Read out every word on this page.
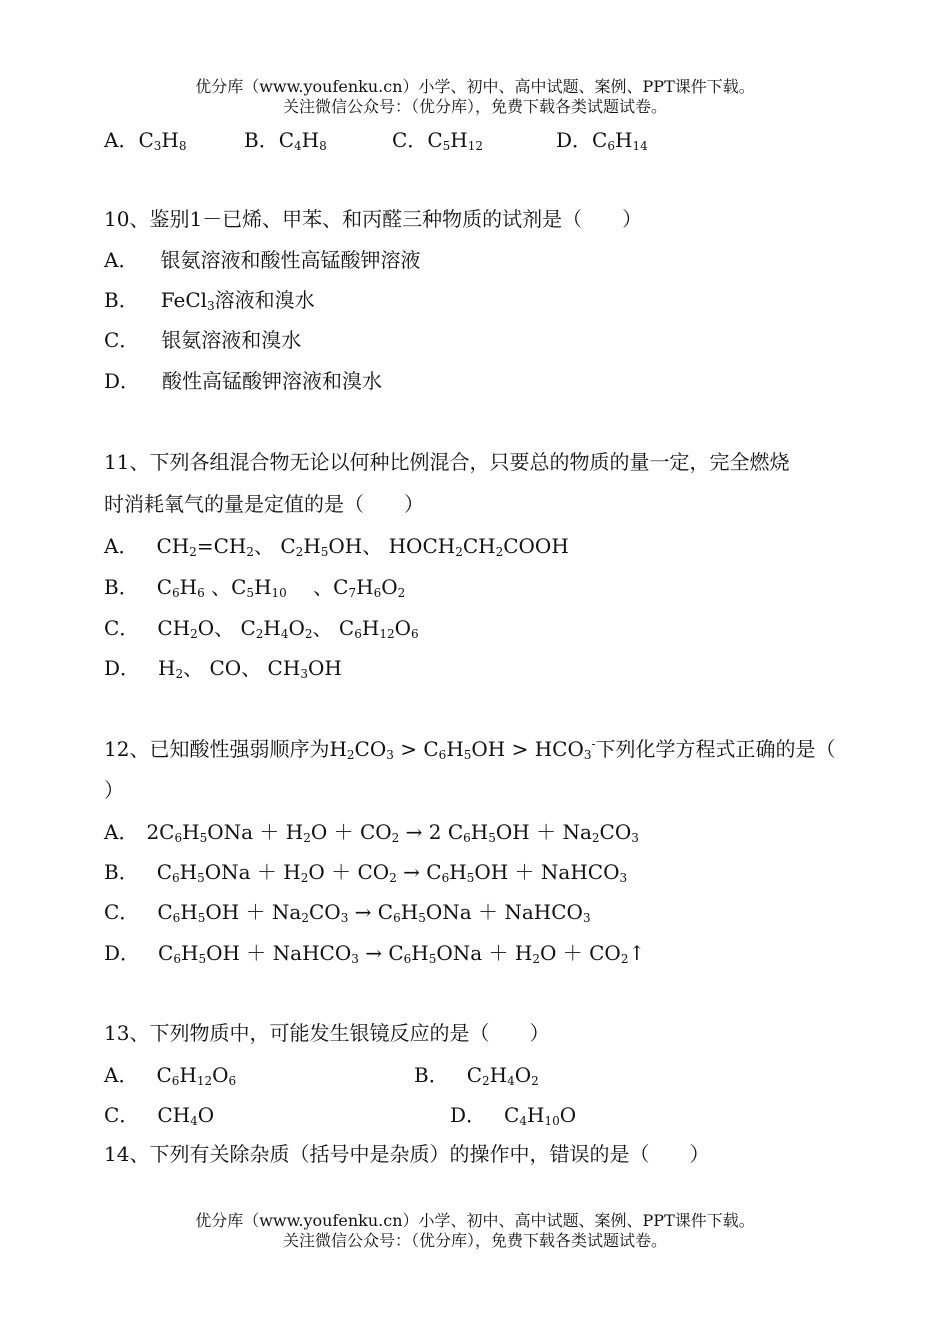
优分库（www.youfenku.cn）小学、初中、高中试题、案例、PPT课件下载。
关注微信公众号：（优分库），免费下载各类试题试卷。
A．$C_3H_8$	B．$C_4H_8$	C．$C_5H_{12}$	D．$C_6H_{14}$
10、鉴别1－已烯、甲苯、和丙醛三种物质的试剂是（　　）
A． 银氨溶液和酸性高锰酸钾溶液
B． FeCl$_3$溶液和溴水
C． 银氨溶液和溴水
D． 酸性高锰酸钾溶液和溴水
11、下列各组混合物无论以何种比例混合，只要总的物质的量一定，完全燃烧
时消耗氧气的量是定值的是（　　）
A． $CH_2=CH_2$、 $C_2H_5OH$、 $HOCH_2CH_2COOH$
B． $C_6H_6$ 、$C_5H_{10}$ 　、$C_7H_6O_2$
C． $CH_2O$、 $C_2H_4O_2$、 $C_6H_{12}O_6$
D． $H_2$、 CO、 $CH_3OH$
12、已知酸性强弱顺序为$H_2CO_3 > C_6H_5OH > HCO_3^-$下列化学方程式正确的是（
）
A． $2C_6H_5ONa + H_2O + CO_2 \to 2$ $C_6H_5OH + Na_2CO_3$
B． $C_6H_5ONa + H_2O + CO_2 \to C_6H_5OH$ ＋ NaHCO$_3$
C． $C_6H_5OH + Na_2CO_3 \to C_6H_5ONa$ ＋ NaHCO$_3$
D． $C_6H_5OH$ ＋ NaHCO$_3$ → $C_6H_5ONa + H_2O$ ＋ $CO_2↑$
13、下列物质中，可能发生银镜反应的是（　　）
A． $C_6H_{12}O_6$	B． $C_2H_4O_2$
C． $CH_4O$	D． $C_4H_{10}O$
14、下列有关除杂质（括号中是杂质）的操作中，错误的是（　　）
优分库（www.youfenku.cn）小学、初中、高中试题、案例、PPT课件下载。
关注微信公众号：（优分库），免费下载各类试题试卷。
